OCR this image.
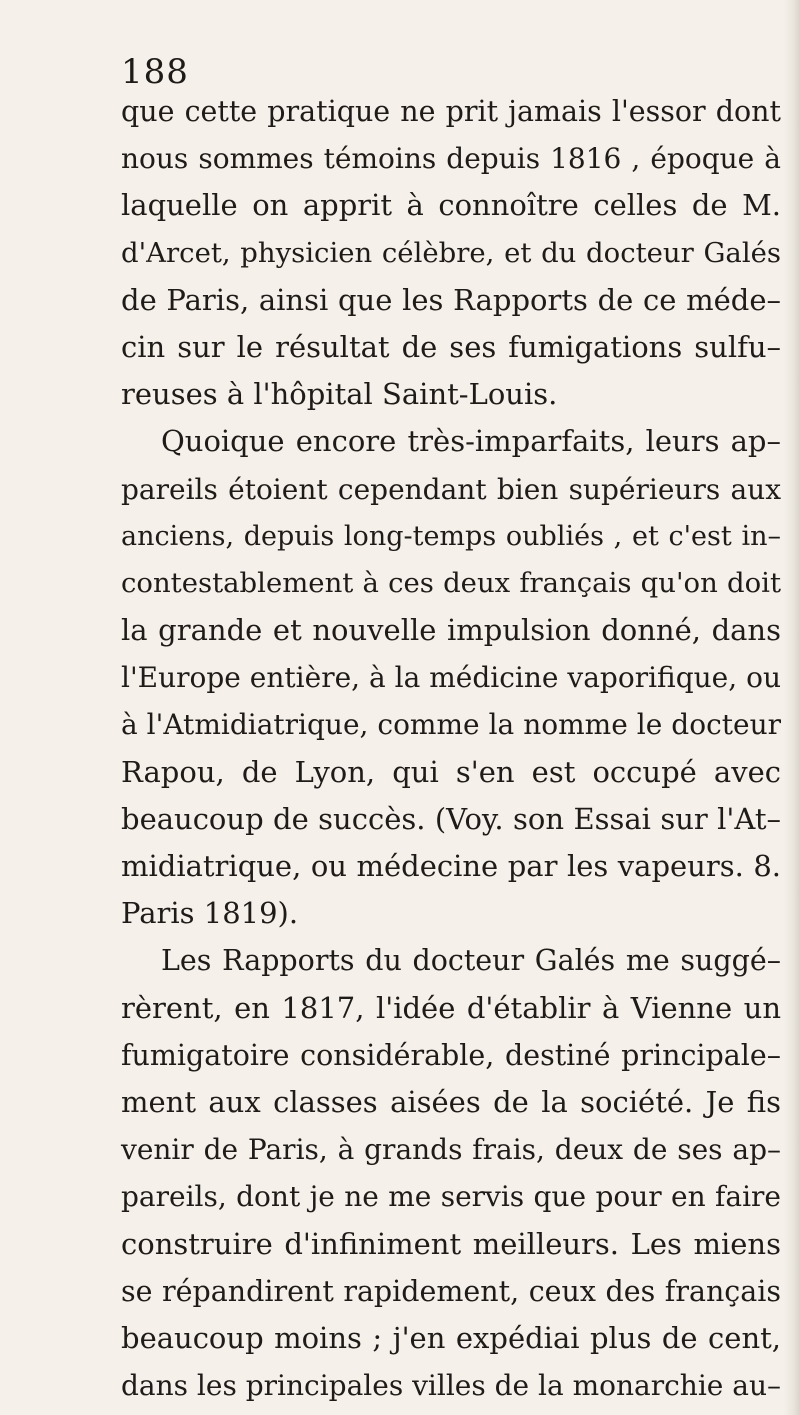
188
que cette pratique ne prit jamais l'essor dont
nous sommes témoins depuis 1816 , époque à
laquelle on apprit à connoître celles de M.
d'Arcet, physicien célèbre, et du docteur Galés
de Paris, ainsi que les Rapports de ce méde–
cin sur le résultat de ses fumigations sulfu–
reuses à l'hôpital Saint-Louis.
Quoique encore très-imparfaits, leurs ap–
pareils étoient cependant bien supérieurs aux
anciens, depuis long-temps oubliés , et c'est in–
contestablement à ces deux français qu'on doit
la grande et nouvelle impulsion donné, dans
l'Europe entière, à la médicine vaporifique, ou
à l'Atmidiatrique, comme la nomme le docteur
Rapou, de Lyon, qui s'en est occupé avec
beaucoup de succès. (Voy. son Essai sur l'At–
midiatrique, ou médecine par les vapeurs. 8.
Paris 1819).
Les Rapports du docteur Galés me suggé–
rèrent, en 1817, l'idée d'établir à Vienne un
fumigatoire considérable, destiné principale–
ment aux classes aisées de la société. Je fis
venir de Paris, à grands frais, deux de ses ap–
pareils, dont je ne me servis que pour en faire
construire d'infiniment meilleurs. Les miens
se répandirent rapidement, ceux des français
beaucoup moins ; j'en expédiai plus de cent,
dans les principales villes de la monarchie au–
